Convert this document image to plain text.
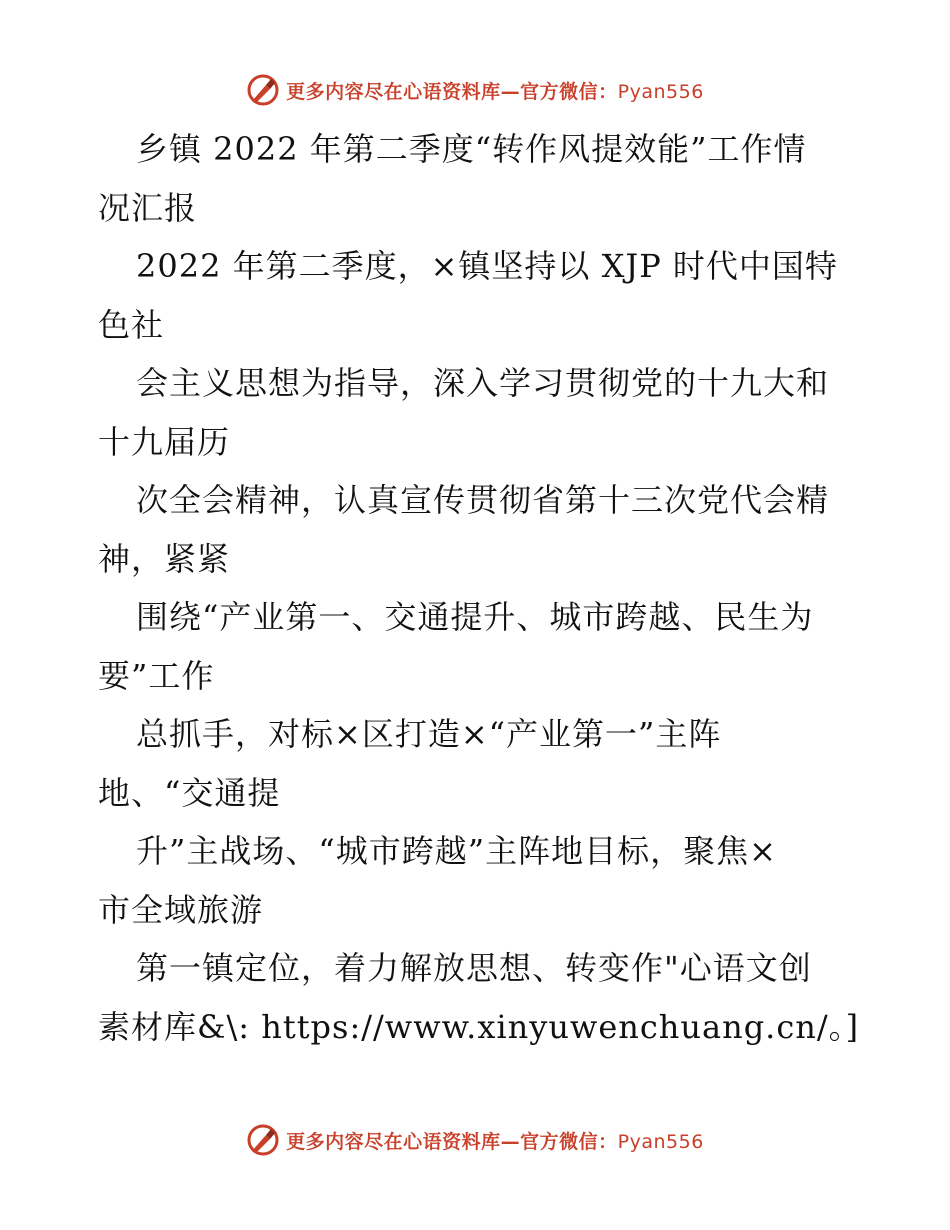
更多内容尽在心语资料库—官方微信：Pyan556
乡镇 2022 年第二季度“转作风提效能”工作情
况汇报
2022 年第二季度，×镇坚持以 XJP 时代中国特
色社
会主义思想为指导，深入学习贯彻党的十九大和
十九届历
次全会精神，认真宣传贯彻省第十三次党代会精
神，紧紧
围绕“产业第一、交通提升、城市跨越、民生为
要”工作
总抓手，对标×区打造×“产业第一”主阵
地、“交通提
升”主战场、“城市跨越”主阵地目标，聚焦×
市全域旅游
第一镇定位，着力解放思想、转变作"心语文创
素材库&\: https://www.xinyuwenchuang.cn/。]
更多内容尽在心语资料库—官方微信：Pyan556
